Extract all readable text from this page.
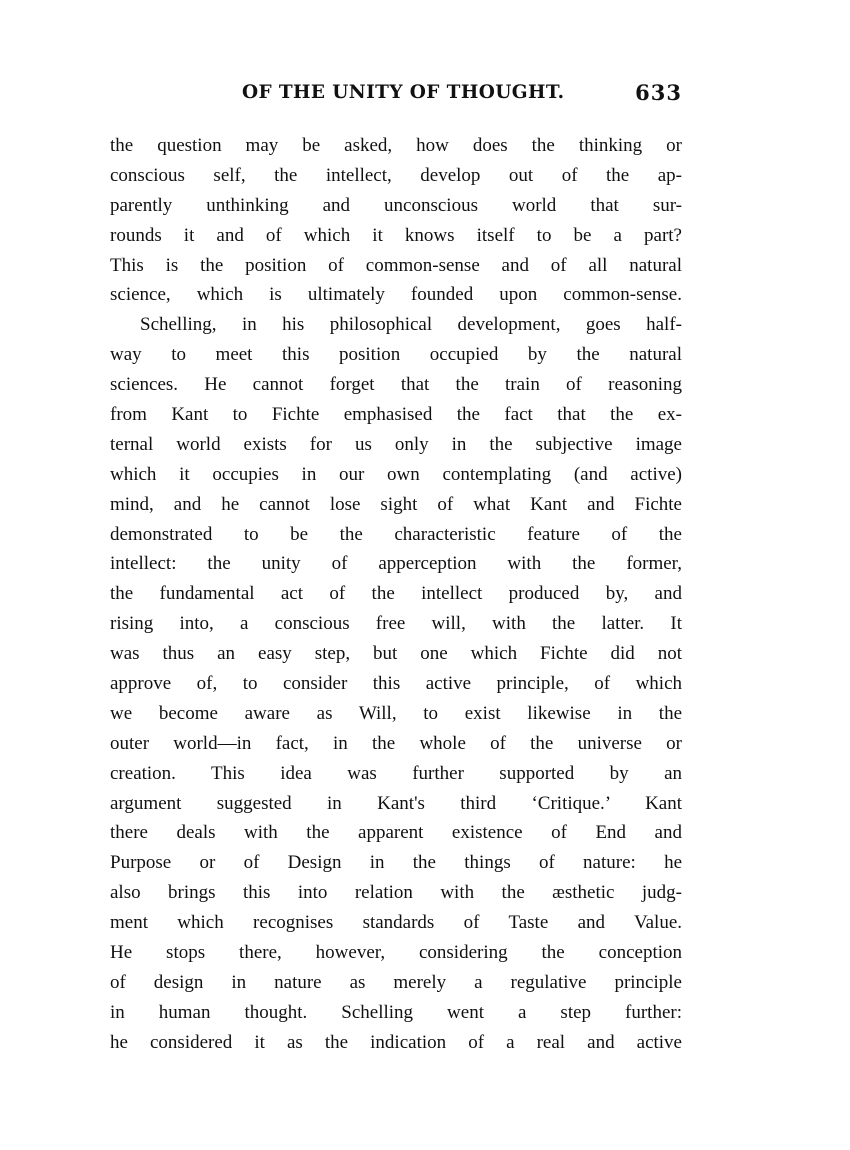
OF THE UNITY OF THOUGHT.	633
the question may be asked, how does the thinking or
conscious self, the intellect, develop out of the ap-
parently unthinking and unconscious world that sur-
rounds it and of which it knows itself to be a part?
This is the position of common-sense and of all natural
science, which is ultimately founded upon common-sense.
Schelling, in his philosophical development, goes half-
way to meet this position occupied by the natural
sciences. He cannot forget that the train of reasoning
from Kant to Fichte emphasised the fact that the ex-
ternal world exists for us only in the subjective image
which it occupies in our own contemplating (and active)
mind, and he cannot lose sight of what Kant and Fichte
demonstrated to be the characteristic feature of the
intellect: the unity of apperception with the former,
the fundamental act of the intellect produced by, and
rising into, a conscious free will, with the latter. It
was thus an easy step, but one which Fichte did not
approve of, to consider this active principle, of which
we become aware as Will, to exist likewise in the
outer world—in fact, in the whole of the universe or
creation. This idea was further supported by an
argument suggested in Kant's third ‘Critique.’ Kant
there deals with the apparent existence of End and
Purpose or of Design in the things of nature: he
also brings this into relation with the æsthetic judg-
ment which recognises standards of Taste and Value.
He stops there, however, considering the conception
of design in nature as merely a regulative principle
in human thought. Schelling went a step further:
he considered it as the indication of a real and active
